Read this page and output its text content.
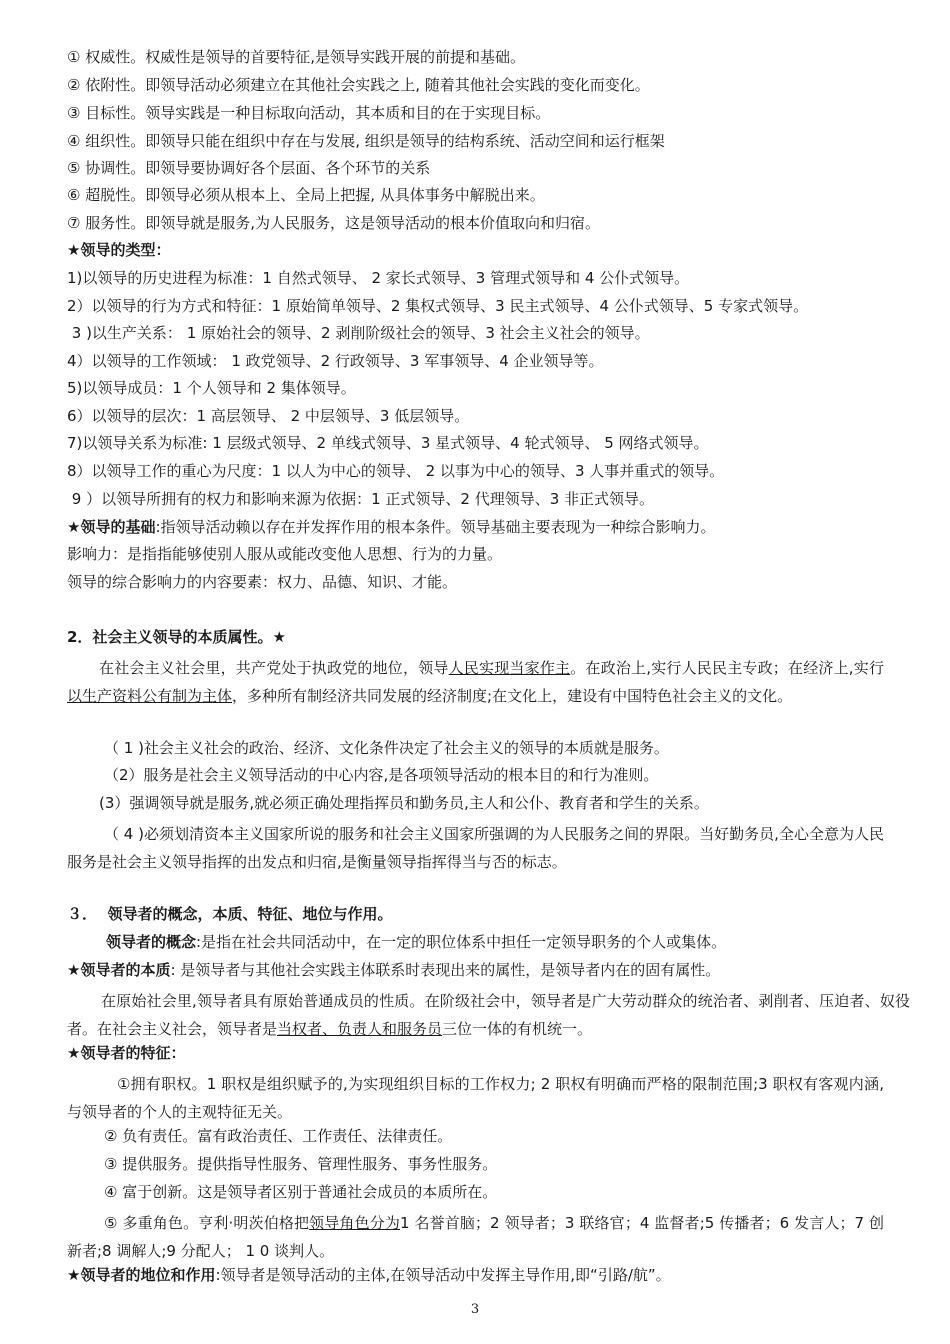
① 权威性。权威性是领导的首要特征,是领导实践开展的前提和基础。
② 依附性。即领导活动必须建立在其他社会实践之上, 随着其他社会实践的变化而变化。
③ 目标性。领导实践是一种目标取向活动，其本质和目的在于实现目标。
④ 组织性。即领导只能在组织中存在与发展, 组织是领导的结构系统、活动空间和运行框架
⑤ 协调性。即领导要协调好各个层面、各个环节的关系
⑥ 超脱性。即领导必须从根本上、全局上把握, 从具体事务中解脱出来。
⑦ 服务性。即领导就是服务,为人民服务，这是领导活动的根本价值取向和归宿。
★领导的类型：
1)以领导的历史进程为标准：1 自然式领导、 2 家长式领导、3 管理式领导和 4 公仆式领导。
2）以领导的行为方式和特征：1 原始简单领导、2 集权式领导、3 民主式领导、4 公仆式领导、5 专家式领导。
3 )以生产关系： 1 原始社会的领导、2 剥削阶级社会的领导、3 社会主义社会的领导。
4）以领导的工作领域： 1 政党领导、2 行政领导、3 军事领导、4 企业领导等。
5)以领导成员：1 个人领导和 2 集体领导。
6）以领导的层次：1 高层领导、 2 中层领导、3 低层领导。
7)以领导关系为标准: 1 层级式领导、2 单线式领导、3 星式领导、4 轮式领导、 5 网络式领导。
8）以领导工作的重心为尺度：1 以人为中心的领导、 2 以事为中心的领导、3 人事并重式的领导。
9 ）以领导所拥有的权力和影响来源为依据：1 正式领导、2 代理领导、3 非正式领导。
★领导的基础:指领导活动赖以存在并发挥作用的根本条件。领导基础主要表现为一种综合影响力。
影响力：是指指能够使别人服从或能改变他人思想、行为的力量。
领导的综合影响力的内容要素：权力、品德、知识、才能。
2．社会主义领导的本质属性。★
在社会主义社会里，共产党处于执政党的地位，领导人民实现当家作主。在政治上,实行人民民主专政；在经济上,实行以生产资料公有制为主体，多种所有制经济共同发展的经济制度;在文化上，建设有中国特色社会主义的文化。
（ 1 )社会主义社会的政治、经济、文化条件决定了社会主义的领导的本质就是服务。
（2）服务是社会主义领导活动的中心内容,是各项领导活动的根本目的和行为准则。
(3）强调领导就是服务,就必须正确处理指挥员和勤务员,主人和公仆、教育者和学生的关系。
（ 4 )必须划清资本主义国家所说的服务和社会主义国家所强调的为人民服务之间的界限。当好勤务员,全心全意为人民服务是社会主义领导指挥的出发点和归宿,是衡量领导指挥得当与否的标志。
３．  领导者的概念，本质、特征、地位与作用。
领导者的概念:是指在社会共同活动中，在一定的职位体系中担任一定领导职务的个人或集体。
★领导者的本质: 是领导者与其他社会实践主体联系时表现出来的属性，是领导者内在的固有属性。
在原始社会里,领导者具有原始普通成员的性质。在阶级社会中，领导者是广大劳动群众的统治者、剥削者、压迫者、奴役者。在社会主义社会，领导者是当权者、负责人和服务员三位一体的有机统一。
★领导者的特征：
①拥有职权。1 职权是组织赋予的,为实现组织目标的工作权力; 2 职权有明确而严格的限制范围;3 职权有客观内涵,与领导者的个人的主观特征无关。
② 负有责任。富有政治责任、工作责任、法律责任。
③ 提供服务。提供指导性服务、管理性服务、事务性服务。
④ 富于创新。这是领导者区别于普通社会成员的本质所在。
⑤ 多重角色。亨利·明茨伯格把领导角色分为1 名誉首脑；2 领导者；3 联络官；4 监督者;5 传播者；6 发言人；7 创新者;8 调解人;9 分配人； 1 0 谈判人。
★领导者的地位和作用:领导者是领导活动的主体,在领导活动中发挥主导作用,即“引路/航”。
3
